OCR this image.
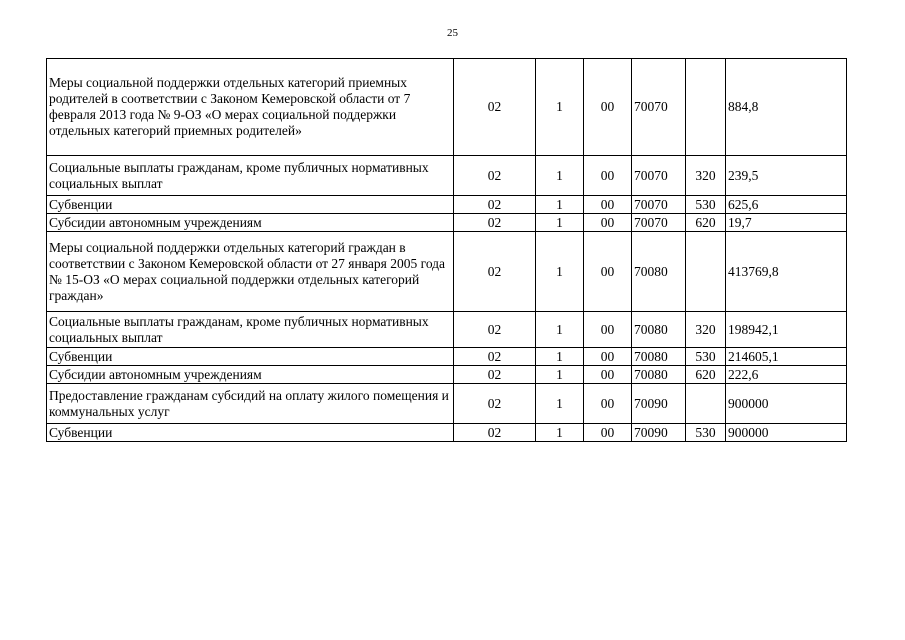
25
Меры социальной поддержки отдельных категорий приемных родителей в соответствии с Законом Кемеровской области от 7 февраля 2013 года № 9-ОЗ «О мерах социальной поддержки отдельных категорий приемных родителей»	02	1	00	70070		884,8
Социальные выплаты гражданам, кроме публичных нормативных социальных выплат	02	1	00	70070	320	239,5
Субвенции	02	1	00	70070	530	625,6
Субсидии автономным учреждениям	02	1	00	70070	620	19,7
Меры социальной поддержки отдельных категорий граждан в соответствии с Законом Кемеровской области от 27 января 2005 года № 15-ОЗ «О мерах социальной поддержки отдельных категорий граждан»	02	1	00	70080		413769,8
Социальные выплаты гражданам, кроме публичных нормативных социальных выплат	02	1	00	70080	320	198942,1
Субвенции	02	1	00	70080	530	214605,1
Субсидии автономным учреждениям	02	1	00	70080	620	222,6
Предоставление гражданам субсидий на оплату жилого помещения и коммунальных услуг	02	1	00	70090		900000
Субвенции	02	1	00	70090	530	900000
